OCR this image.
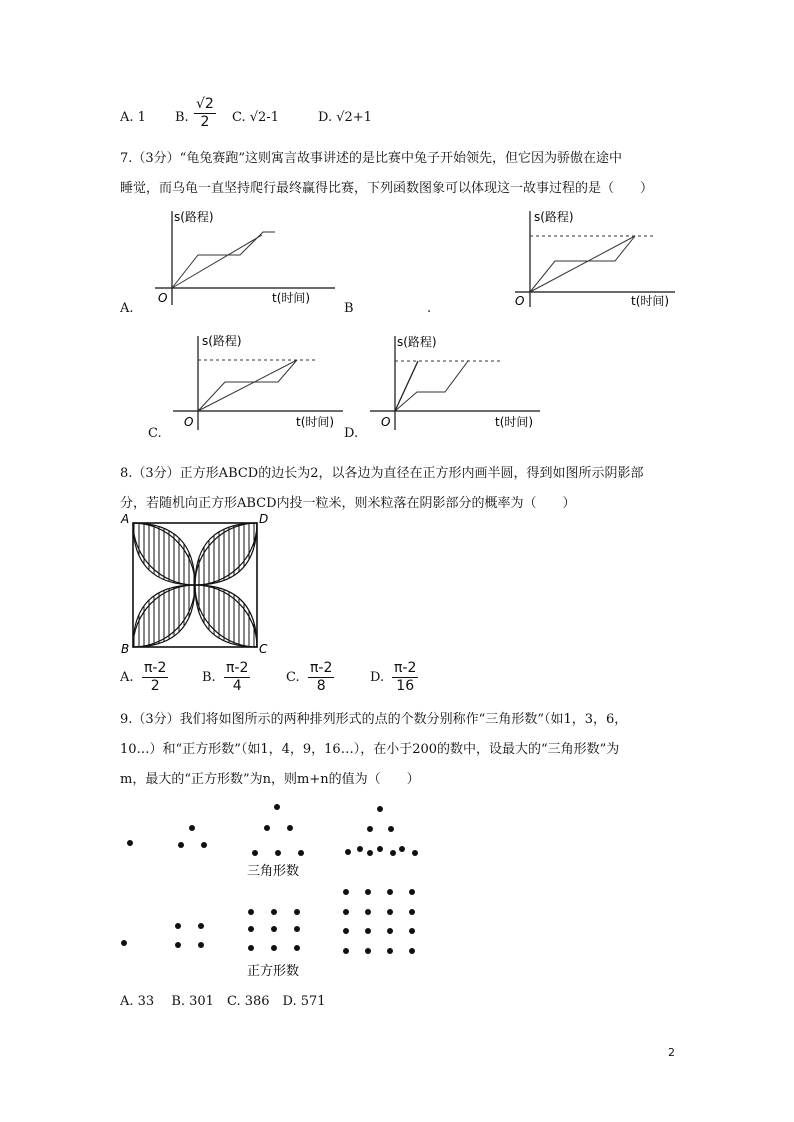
A. 1 B. $\frac{√2}{2} C$. √2-1	D. √2+1
7.（3分）“龟兔赛跑”这则寓言故事讲述的是比赛中兔子开始领先，但它因为骄傲在途中
睡觉，而乌龟一直坚持爬行最终赢得比赛，下列函数图象可以体现这一故事过程的是（　　）
s(路程)
O	t(时间)
A.	B	.
s(路程)
O	t(时间)
s(路程)
O	t(时间)
C.
s(路程)
O	t(时间)
D.
8.（3分）正方形ABCD的边长为2，以各边为直径在正方形内画半圆，得到如图所示阴影部
分，若随机向正方形ABCD内投一粒米，则米粒落在阴影部分的概率为（　　）
A	D
B	C
A. $\frac{\pi-2}{2}$	B. $\frac{\pi-2}{4}$	C. $\frac{\pi-2}{8}$	D. $\frac{\pi-2}{16}$
9.（3分）我们将如图所示的两种排列形式的点的个数分别称作“三角形数”（如1，3，6，
10…）和“正方形数”（如1，4，9，16…），在小于200的数中，设最大的“三角形数”为
m，最大的“正方形数”为n，则m+n的值为（　　）
三角形数
正方形数
A. 33　 B. 301　C. 386　D. 571
2
